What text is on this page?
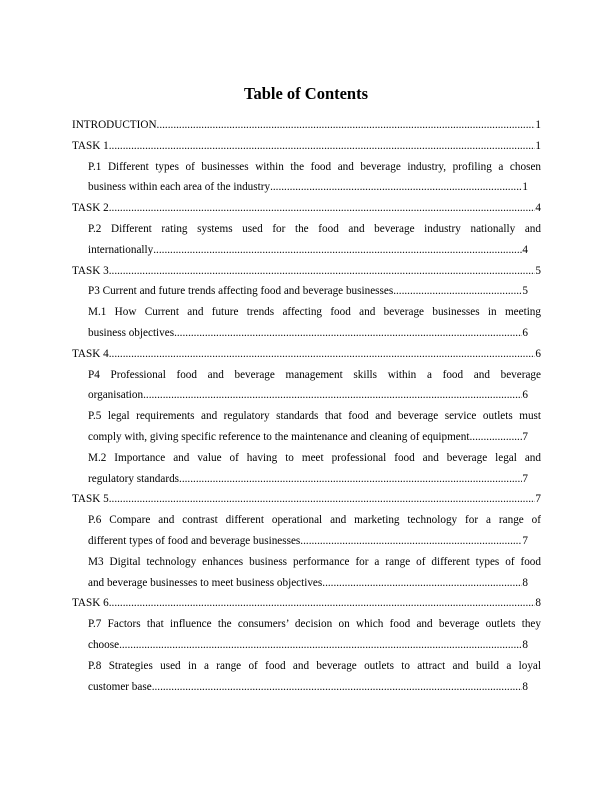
Table of Contents
INTRODUCTION .....	1
TASK 1 .....	1
P.1 Different types of businesses within the food and beverage industry, profiling a chosen
business within each area of the industry .....	1
TASK 2 .....	4
P.2 Different rating systems used for the food and beverage industry nationally and
internationally .....	4
TASK 3 .....	5
P3 Current and future trends affecting food and beverage businesses .....	5
M.1 How Current and future trends affecting food and beverage businesses in meeting
business objectives .....	6
TASK 4 .....	6
P4 Professional food and beverage management skills within a food and beverage
organisation .....	6
P.5 legal requirements and regulatory standards that food and beverage service outlets must
comply with, giving specific reference to the maintenance and cleaning of equipment .....	7
M.2 Importance and value of having to meet professional food and beverage legal and
regulatory standards .....	7
TASK 5 .....	7
P.6 Compare and contrast different operational and marketing technology for a range of
different types of food and beverage businesses .....	7
M3 Digital technology enhances business performance for a range of different types of food
and beverage businesses to meet business objectives .....	8
TASK 6 .....	8
P.7 Factors that influence the consumers’ decision on which food and beverage outlets they
choose .....	8
P.8 Strategies used in a range of food and beverage outlets to attract and build a loyal
customer base .....	8
